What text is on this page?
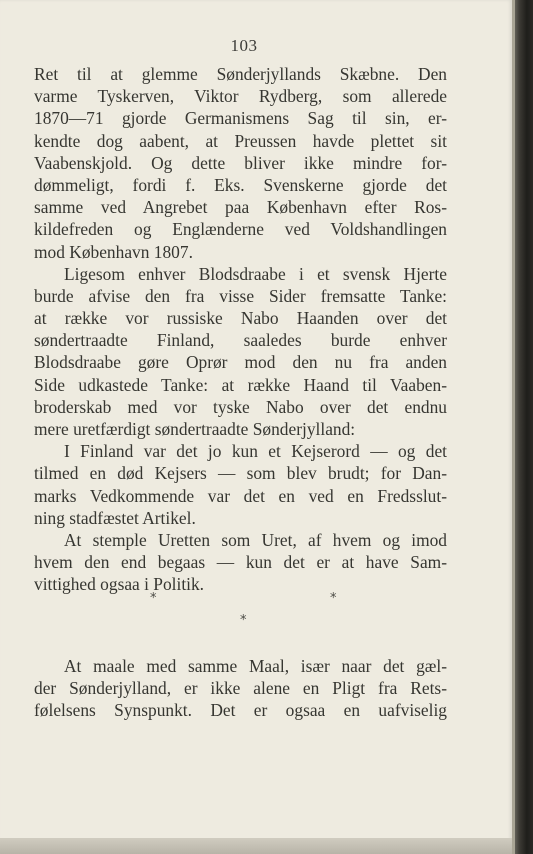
103
Ret til at glemme Sønderjyllands Skæbne. Den
varme Tyskerven, Viktor Rydberg, som allerede
1870—71 gjorde Germanismens Sag til sin, er-
kendte dog aabent, at Preussen havde plettet sit
Vaabenskjold. Og dette bliver ikke mindre for-
dømmeligt, fordi f. Eks. Svenskerne gjorde det
samme ved Angrebet paa København efter Ros-
kildefreden og Englænderne ved Voldshandlingen
mod København 1807.
Ligesom enhver Blodsdraabe i et svensk Hjerte
burde afvise den fra visse Sider fremsatte Tanke:
at række vor russiske Nabo Haanden over det
søndertraadte Finland, saaledes burde enhver
Blodsdraabe gøre Oprør mod den nu fra anden
Side udkastede Tanke: at række Haand til Vaaben-
broderskab med vor tyske Nabo over det endnu
mere uretfærdigt søndertraadte Sønderjylland:
I Finland var det jo kun et Kejserord — og det
tilmed en død Kejsers — som blev brudt; for Dan-
marks Vedkommende var det en ved en Fredsslut-
ning stadfæstet Artikel.
At stemple Uretten som Uret, af hvem og imod
hvem den end begaas — kun det er at have Sam-
vittighed ogsaa i Politik.
*	*
*
At maale med samme Maal, især naar det gæl-
der Sønderjylland, er ikke alene en Pligt fra Rets-
følelsens Synspunkt. Det er ogsaa en uafviselig
